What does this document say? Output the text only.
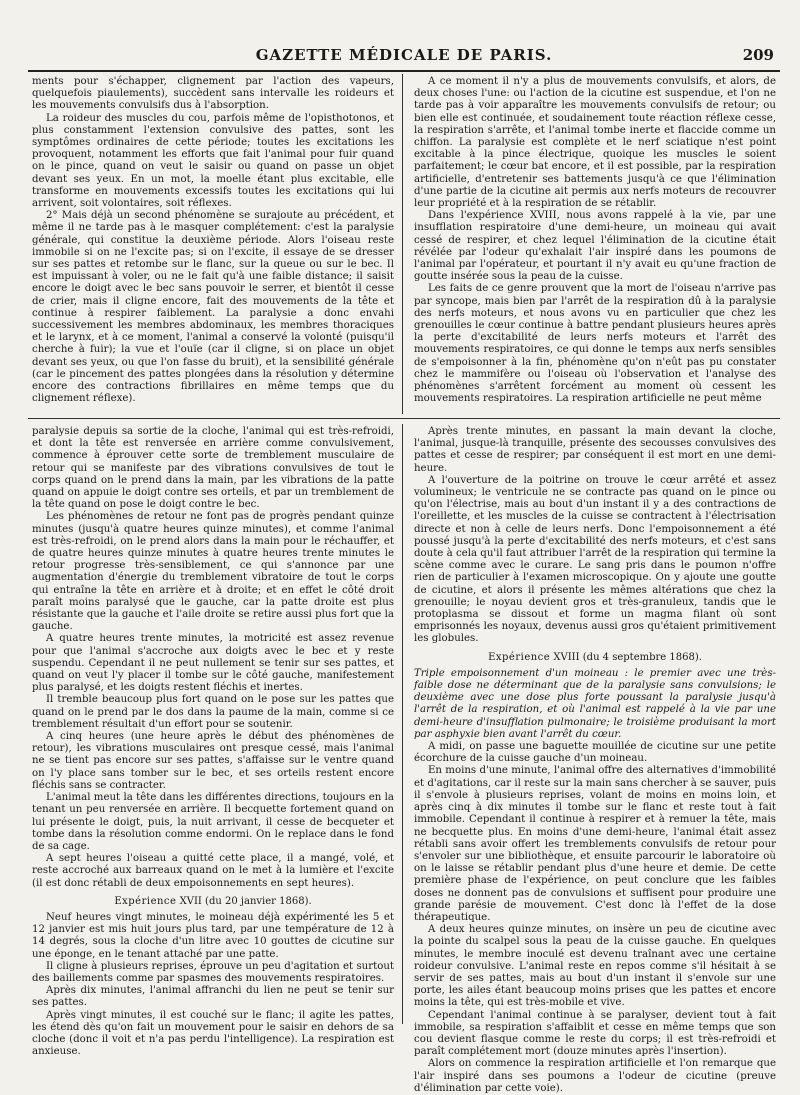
GAZETTE MÉDICALE DE PARIS.	209

ments pour s'échapper, clignement par l'action des vapeurs, quelquefois piaulements), succèdent sans intervalle les roideurs et les mouvements convulsifs dus à l'absorption.

La roideur des muscles du cou, parfois même de l'opisthotonos, et plus constamment l'extension convulsive des pattes, sont les symptômes ordinaires de cette période; toutes les excitations les provoquent, notamment les efforts que fait l'animal pour fuir quand on le pince, quand on veut le saisir ou quand on passe un objet devant ses yeux. En un mot, la moelle étant plus excitable, elle transforme en mouvements excessifs toutes les excitations qui lui arrivent, soit volontaires, soit réflexes.

2° Mais déjà un second phénomène se surajoute au précédent, et même il ne tarde pas à le masquer complétement: c'est la paralysie générale, qui constitue la deuxième période. Alors l'oiseau reste immobile si on ne l'excite pas; si on l'excite, il essaye de se dresser sur ses pattes et retombe sur le flanc, sur la queue ou sur le bec. Il est impuissant à voler, ou ne le fait qu'à une faible distance; il saisit encore le doigt avec le bec sans pouvoir le serrer, et bientôt il cesse de crier, mais il cligne encore, fait des mouvements de la tête et continue à respirer faiblement. La paralysie a donc envahi successivement les membres abdominaux, les membres thoraciques et le larynx, et à ce moment, l'animal a conservé la volonté (puisqu'il cherche à fuir); la vue et l'ouïe (car il cligne, si on place un objet devant ses yeux, ou que l'on fasse du bruit), et la sensibilité générale (car le pincement des pattes plongées dans la résolution y détermine encore des contractions fibrillaires en même temps que du clignement réflexe).

A ce moment il n'y a plus de mouvements convulsifs, et alors, de deux choses l'une: ou l'action de la cicutine est suspendue, et l'on ne tarde pas à voir apparaître les mouvements convulsifs de retour; ou bien elle est continuée, et soudainement toute réaction réflexe cesse, la respiration s'arrête, et l'animal tombe inerte et flaccide comme un chiffon. La paralysie est complète et le nerf sciatique n'est point excitable à la pince électrique, quoique les muscles le soient parfaitement; le cœur bat encore, et il est possible, par la respiration artificielle, d'entretenir ses battements jusqu'à ce que l'élimination d'une partie de la cicutine ait permis aux nerfs moteurs de recouvrer leur propriété et à la respiration de se rétablir.

Dans l'expérience XVIII, nous avons rappelé à la vie, par une insufflation respiratoire d'une demi-heure, un moineau qui avait cessé de respirer, et chez lequel l'élimination de la cicutine était révélée par l'odeur qu'exhalait l'air inspiré dans les poumons de l'animal par l'opérateur, et pourtant il n'y avait eu qu'une fraction de goutte insérée sous la peau de la cuisse.

Les faits de ce genre prouvent que la mort de l'oiseau n'arrive pas par syncope, mais bien par l'arrêt de la respiration dû à la paralysie des nerfs moteurs, et nous avons vu en particulier que chez les grenouilles le cœur continue à battre pendant plusieurs heures après la perte d'excitabilité de leurs nerfs moteurs et l'arrêt des mouvements respiratoires, ce qui donne le temps aux nerfs sensibles de s'empoisonner à la fin, phénomène qu'on n'eût pas pu constater chez le mammifère ou l'oiseau où l'observation et l'analyse des phénomènes s'arrêtent forcément au moment où cessent les mouvements respiratoires. La respiration artificielle ne peut même

paralysie depuis sa sortie de la cloche, l'animal qui est très-refroidi, et dont la tête est renversée en arrière comme convulsivement, commence à éprouver cette sorte de tremblement musculaire de retour qui se manifeste par des vibrations convulsives de tout le corps quand on le prend dans la main, par les vibrations de la patte quand on appuie le doigt contre ses orteils, et par un tremblement de la tête quand on pose le doigt contre le bec.

Les phénomènes de retour ne font pas de progrès pendant quinze minutes (jusqu'à quatre heures quinze minutes), et comme l'animal est très-refroidi, on le prend alors dans la main pour le réchauffer, et de quatre heures quinze minutes à quatre heures trente minutes le retour progresse très-sensiblement, ce qui s'annonce par une augmentation d'énergie du tremblement vibratoire de tout le corps qui entraîne la tête en arrière et à droite; et en effet le côté droit paraît moins paralysé que le gauche, car la patte droite est plus résistante que la gauche et l'aile droite se retire aussi plus fort que la gauche.

A quatre heures trente minutes, la motricité est assez revenue pour que l'animal s'accroche aux doigts avec le bec et y reste suspendu. Cependant il ne peut nullement se tenir sur ses pattes, et quand on veut l'y placer il tombe sur le côté gauche, manifestement plus paralysé, et les doigts restent fléchis et inertes.

Il tremble beaucoup plus fort quand on le pose sur les pattes que quand on le prend par le dos dans la paume de la main, comme si ce tremblement résultait d'un effort pour se soutenir.

A cinq heures (une heure après le début des phénomènes de retour), les vibrations musculaires ont presque cessé, mais l'animal ne se tient pas encore sur ses pattes, s'affaisse sur le ventre quand on l'y place sans tomber sur le bec, et ses orteils restent encore fléchis sans se contracter.

L'animal meut la tête dans les différentes directions, toujours en la tenant un peu renversée en arrière. Il becquette fortement quand on lui présente le doigt, puis, la nuit arrivant, il cesse de becqueter et tombe dans la résolution comme endormi. On le replace dans le fond de sa cage.

A sept heures l'oiseau a quitté cette place, il a mangé, volé, et reste accroché aux barreaux quand on le met à la lumière et l'excite (il est donc rétabli de deux empoisonnements en sept heures).

Expérience XVII (du 20 janvier 1868).

Neuf heures vingt minutes, le moineau déjà expérimenté les 5 et 12 janvier est mis huit jours plus tard, par une température de 12 à 14 degrés, sous la cloche d'un litre avec 10 gouttes de cicutine sur une éponge, en le tenant attaché par une patte.

Il cligne à plusieurs reprises, éprouve un peu d'agitation et surtout des baillements comme par spasmes des mouvements respiratoires.

Après dix minutes, l'animal affranchi du lien ne peut se tenir sur ses pattes.

Après vingt minutes, il est couché sur le flanc; il agite les pattes, les étend dès qu'on fait un mouvement pour le saisir en dehors de sa cloche (donc il voit et n'a pas perdu l'intelligence). La respiration est anxieuse.

Après trente minutes, en passant la main devant la cloche, l'animal, jusque-là tranquille, présente des secousses convulsives des pattes et cesse de respirer; par conséquent il est mort en une demi-heure.

A l'ouverture de la poitrine on trouve le cœur arrêté et assez volumineux; le ventricule ne se contracte pas quand on le pince ou qu'on l'électrise, mais au bout d'un instant il y a des contractions de l'oreillette, et les muscles de la cuisse se contractent à l'électrisation directe et non à celle de leurs nerfs. Donc l'empoisonnement a été poussé jusqu'à la perte d'excitabilité des nerfs moteurs, et c'est sans doute à cela qu'il faut attribuer l'arrêt de la respiration qui termine la scène comme avec le curare. Le sang pris dans le poumon n'offre rien de particulier à l'examen microscopique. On y ajoute une goutte de cicutine, et alors il présente les mêmes altérations que chez la grenouille; le noyau devient gros et très-granuleux, tandis que le protoplasma se dissout et forme un magma filant où sont emprisonnés les noyaux, devenus aussi gros qu'étaient primitivement les globules.

Expérience XVIII (du 4 septembre 1868).

Triple empoisonnement d'un moineau : le premier avec une très-faible dose ne déterminant que de la paralysie sans convulsions; le deuxième avec une dose plus forte poussant la paralysie jusqu'à l'arrêt de la respiration, et où l'animal est rappelé à la vie par une demi-heure d'insufflation pulmonaire; le troisième produisant la mort par asphyxie bien avant l'arrêt du cœur.

A midi, on passe une baguette mouillée de cicutine sur une petite écorchure de la cuisse gauche d'un moineau.

En moins d'une minute, l'animal offre des alternatives d'immobilité et d'agitations, car il reste sur la main sans chercher à se sauver, puis il s'envole à plusieurs reprises, volant de moins en moins loin, et après cinq à dix minutes il tombe sur le flanc et reste tout à fait immobile. Cependant il continue à respirer et à remuer la tête, mais ne becquette plus. En moins d'une demi-heure, l'animal était assez rétabli sans avoir offert les tremblements convulsifs de retour pour s'envoler sur une bibliothèque, et ensuite parcourir le laboratoire où on le laisse se rétablir pendant plus d'une heure et demie. De cette première phase de l'expérience, on peut conclure que les faibles doses ne donnent pas de convulsions et suffisent pour produire une grande parésie de mouvement. C'est donc là l'effet de la dose thérapeutique.

A deux heures quinze minutes, on insère un peu de cicutine avec la pointe du scalpel sous la peau de la cuisse gauche. En quelques minutes, le membre inoculé est devenu traînant avec une certaine roideur convulsive. L'animal reste en repos comme s'il hésitait à se servir de ses pattes, mais au bout d'un instant il s'envole sur une porte, les ailes étant beaucoup moins prises que les pattes et encore moins la tête, qui est très-mobile et vive.

Cependant l'animal continue à se paralyser, devient tout à fait immobile, sa respiration s'affaiblit et cesse en même temps que son cou devient flasque comme le reste du corps; il est très-refroidi et paraît complétement mort (douze minutes après l'insertion).

Alors on commence la respiration artificielle et l'on remarque que l'air inspiré dans ses poumons a l'odeur de cicutine (preuve d'élimination par cette voie).
